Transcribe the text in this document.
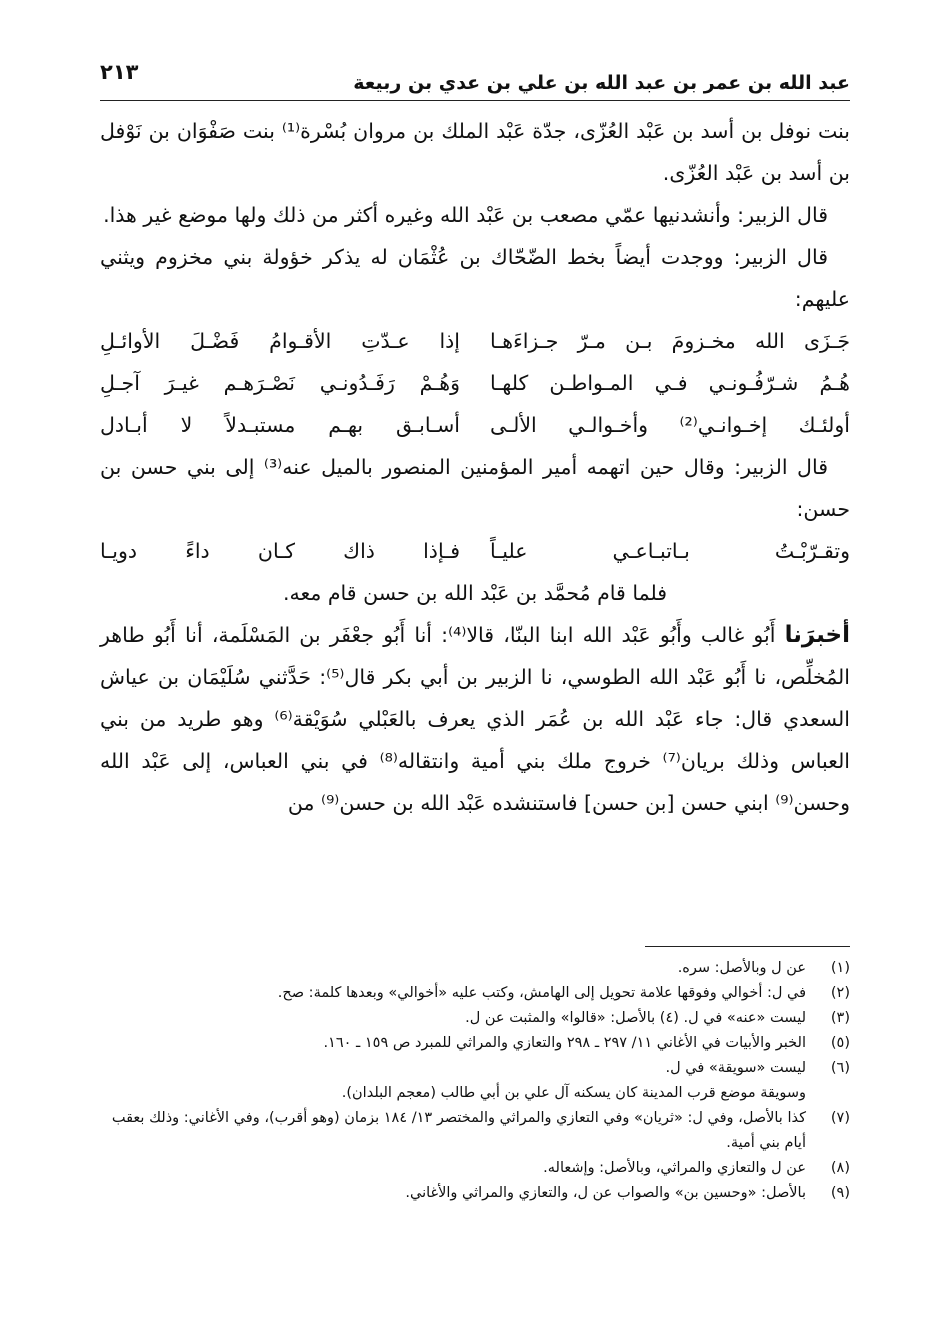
عبد الله بن عمر بن عبد الله بن علي بن عدي بن ربيعة
٢١٣

بنت نوفل بن أسد بن عَبْد العُزّى، جدّة عَبْد الملك بن مروان بُسْرة⁽¹⁾ بنت صَفْوَان بن نَوْفل بن أسد بن عَبْد العُزّى.

قال الزبير: وأنشدنيها عمّي مصعب بن عَبْد الله وغيره أكثر من ذلك ولها موضع غير هذا.

قال الزبير: ووجدت أيضاً بخط الضّحّاك بن عُثْمَان له يذكر خؤولة بني مخزوم ويثني عليهم:

جَـزَى الله مخـزومَ بـن مـرّ جـزاءَهـا
إذا عـدّتِ الأقـوامُ فَضْـلَ الأوائـلِ
هُـمُ شـرّفُـونـي فـي المـواطـن كلهـا
وَهُـمْ رَفَـدُونـي نَصْـرَهـم غيـرَ آجـلِ
أولئـك إخـوانـي⁽²⁾ وأخـوالـي الألـى
أسـابـق بهـم مستبـدلاً لا أبـادل

قال الزبير: وقال حين اتهمه أمير المؤمنين المنصور بالميل عنه⁽³⁾ إلى بني حسن بن حسن:

وتقـرّبْـتُ بـاتبـاعـي عليـاً
فـإذا ذاك كـان داءً دويـا

فلما قام مُحمَّد بن عَبْد الله بن حسن قام معه.

أخبرَنا أَبُو غالب وأَبُو عَبْد الله ابنا البنّا، قالا⁽⁴⁾: أنا أَبُو جعْفَر بن المَسْلَمة، أنا أَبُو طاهر المُخلِّص، نا أَبُو عَبْد الله الطوسي، نا الزبير بن أبي بكر قال⁽⁵⁾: حَدَّثني سُلَيْمَان بن عياش السعدي قال: جاء عَبْد الله بن عُمَر الذي يعرف بالعَبْلي سُوَيْقة⁽⁶⁾ وهو طريد من بني العباس وذلك بريان⁽⁷⁾ خروج ملك بني أمية وانتقاله⁽⁸⁾ في بني العباس، إلى عَبْد الله وحسن⁽⁹⁾ ابني حسن [بن حسن] فاستنشده عَبْد الله بن حسن⁽⁹⁾ من

(١)
عن ل وبالأصل: سره.
(٢)
في ل: أخوالي وفوقها علامة تحويل إلى الهامش، وكتب عليه «أخوالي» وبعدها كلمة: صح.
(٣)
ليست «عنه» في ل. (٤) بالأصل: «قالوا» والمثبت عن ل.
(٥)
الخبر والأبيات في الأغاني ١١/ ٢٩٧ ـ ٢٩٨ والتعازي والمراثي للمبرد ص ١٥٩ ـ ١٦٠.
(٦)
ليست «سويقة» في ل.
وسويقة موضع قرب المدينة كان يسكنه آل علي بن أبي طالب (معجم البلدان).
(٧)
كذا بالأصل، وفي ل: «ثريان» وفي التعازي والمراثي والمختصر ١٣/ ١٨٤ بزمان (وهو أقرب)، وفي الأغاني: وذلك بعقب أيام بني أمية.
(٨)
عن ل والتعازي والمراثي، وبالأصل: وإشعاله.
(٩)
بالأصل: «وحسين بن» والصواب عن ل، والتعازي والمراثي والأغاني.
